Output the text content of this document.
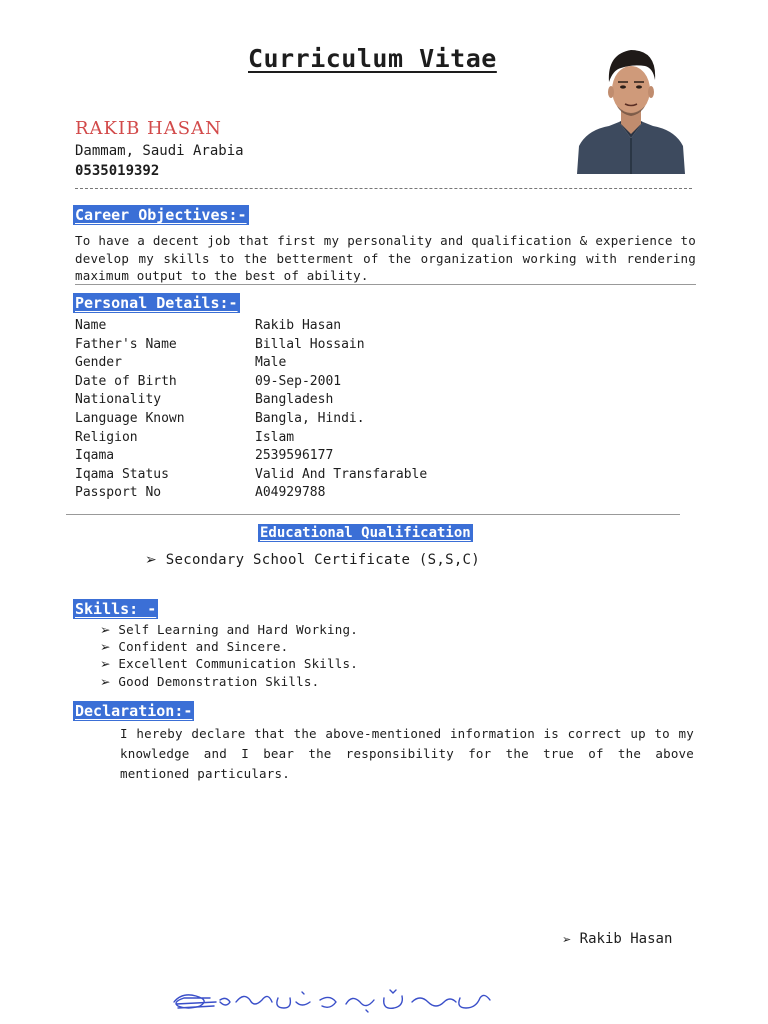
Curriculum Vitae
RAKIB HASAN
Dammam, Saudi Arabia
0535019392
Career Objectives:-
To have a decent job that first my personality and qualification & experience to develop my skills to the betterment of the organization working with rendering maximum output to the best of ability.
Personal Details:-
Name	Rakib Hasan
Father's Name	Billal Hossain
Gender	Male
Date of Birth	09-Sep-2001
Nationality	Bangladesh
Language Known	Bangla, Hindi.
Religion	Islam
Iqama	2539596177
Iqama Status	Valid And Transfarable
Passport No	A04929788
Educational Qualification
➢ Secondary School Certificate (S,S,C)
Skills: -
➢ Self Learning and Hard Working.
➢ Confident and Sincere.
➢ Excellent Communication Skills.
➢ Good Demonstration Skills.
Declaration:-
I hereby declare that the above-mentioned information is correct up to my knowledge and I bear the responsibility for the true of the above mentioned particulars.
➢ Rakib Hasan
